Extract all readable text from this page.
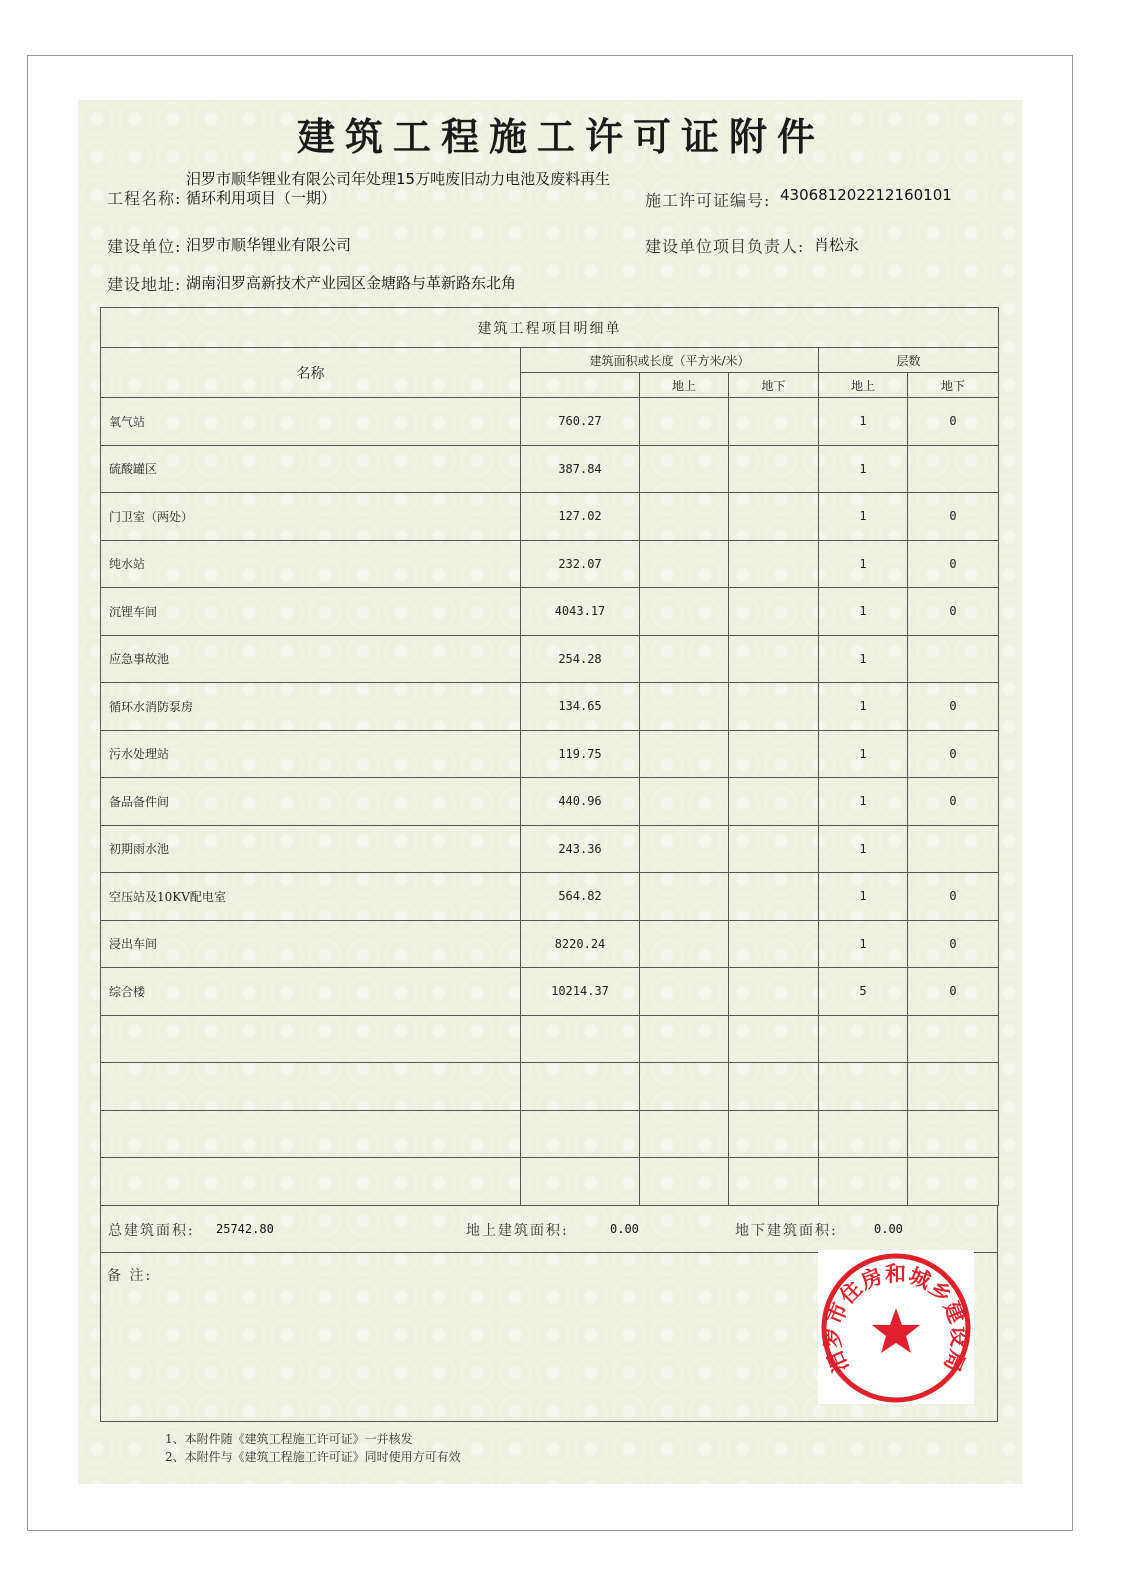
建筑工程施工许可证附件
工程名称:
汨罗市顺华锂业有限公司年处理15万吨废旧动力电池及废料再生
循环利用项目（一期）	施工许可证编号: 430681202212160101
建设单位: 汨罗市顺华锂业有限公司	建设单位项目负责人: 肖松永
建设地址: 湖南汨罗高新技术产业园区金塘路与革新路东北角
建筑工程项目明细单					
名称	建筑面积或长度（平方米/米）			层数	
		地上	地下	地上	地下
氧气站	760.27			1	0
硫酸罐区	387.84			1	
门卫室（两处）	127.02			1	0
纯水站	232.07			1	0
沉锂车间	4043.17			1	0
应急事故池	254.28			1	
循环水消防泵房	134.65			1	0
污水处理站	119.75			1	0
备品备件间	440.96			1	0
初期雨水池	243.36			1	
空压站及10KV配电室	564.82			1	0
浸出车间	8220.24			1	0
综合楼	10214.37			5	0

总建筑面积: 25742.80	地上建筑面积:	0.00	地下建筑面积:	0.00
备 注:
汨罗市住房和城乡建设局
1、本附件随《建筑工程施工许可证》一并核发
2、本附件与《建筑工程施工许可证》同时使用方可有效
